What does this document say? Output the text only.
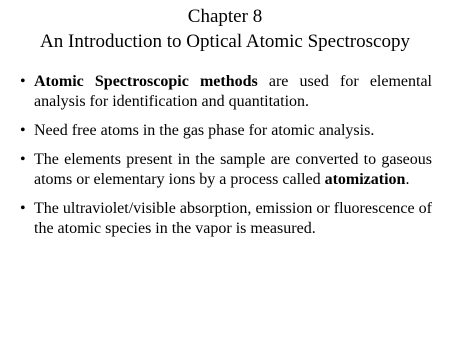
Chapter 8
An Introduction to Optical Atomic Spectroscopy
• Atomic Spectroscopic methods are used for elemental analysis for identification and quantitation.
• Need free atoms in the gas phase for atomic analysis.
• The elements present in the sample are converted to gaseous atoms or elementary ions by a process called atomization.
• The ultraviolet/visible absorption, emission or fluorescence of the atomic species in the vapor is measured.
